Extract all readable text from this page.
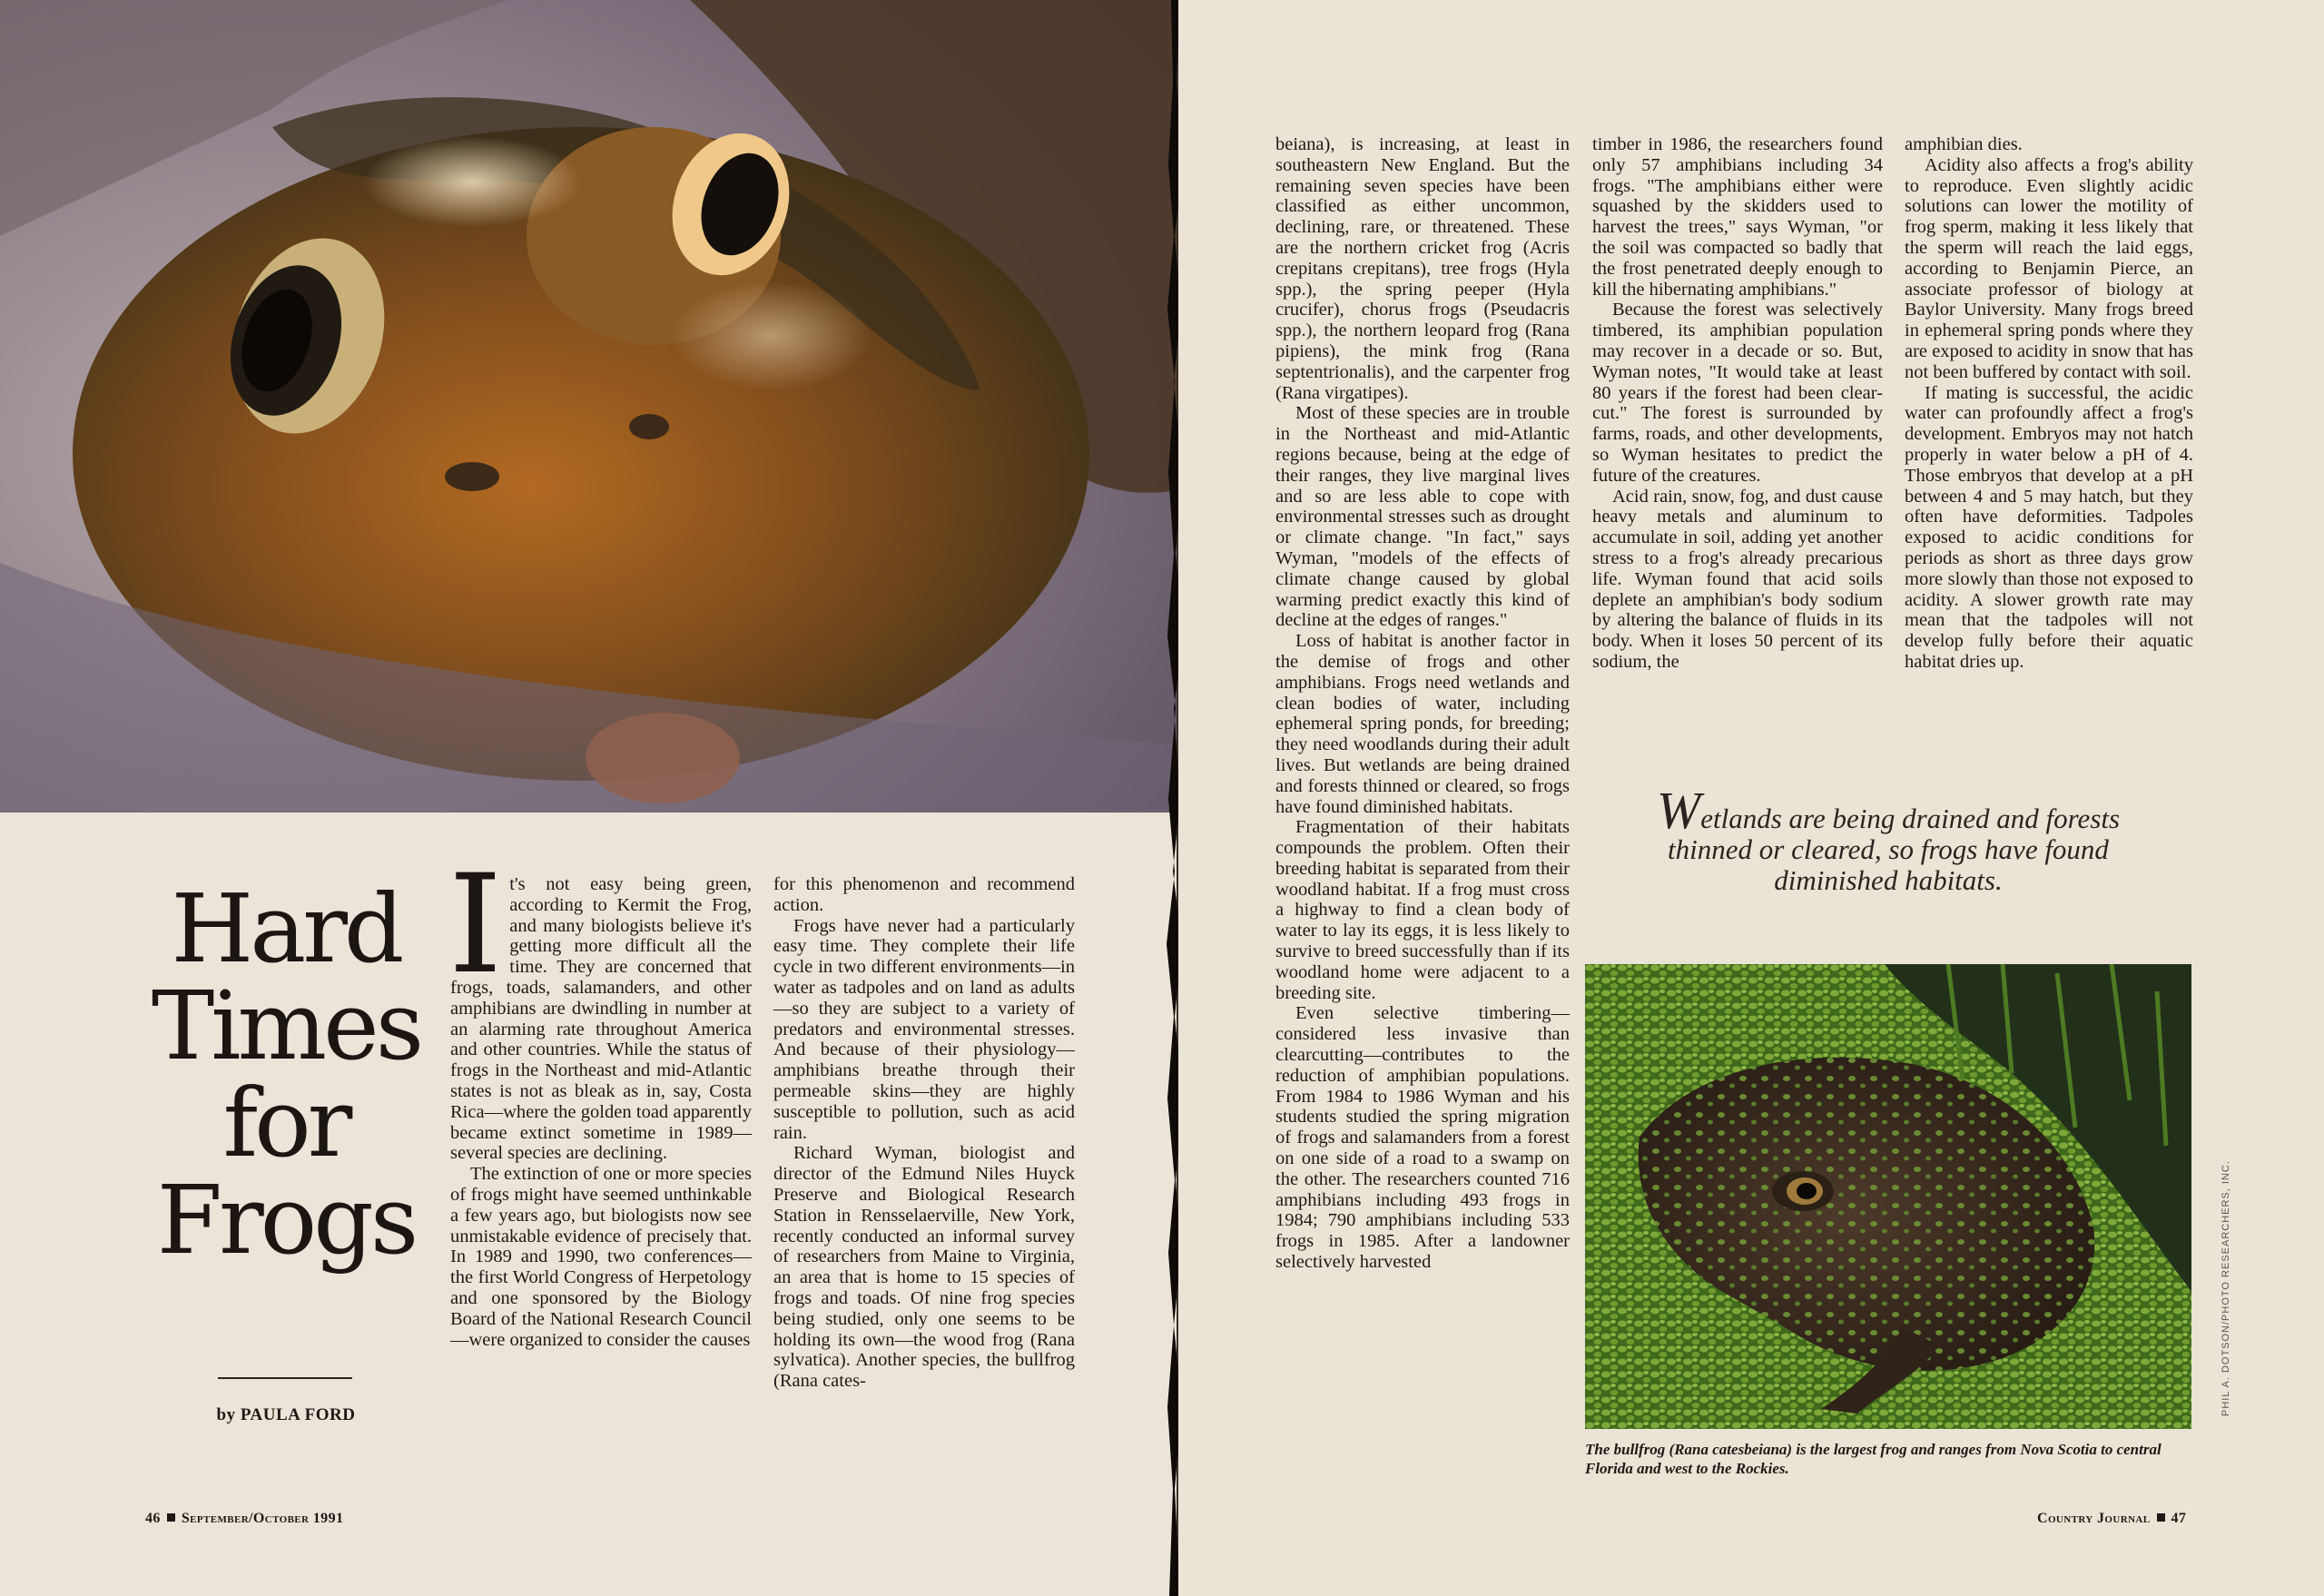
Hard
Times
for
Frogs
by PAULA FORD

It's not easy being green, according to Kermit the Frog, and many biologists believe it's getting more difficult all the time. They are concerned that frogs, toads, salamanders, and other amphibians are dwindling in number at an alarming rate throughout America and other countries. While the status of frogs in the Northeast and mid-Atlantic states is not as bleak as in, say, Costa Rica—where the golden toad apparently became extinct sometime in 1989—several species are declining.

The extinction of one or more species of frogs might have seemed unthinkable a few years ago, but biologists now see unmistakable evidence of precisely that. In 1989 and 1990, two conferences—the first World Congress of Herpetology and one sponsored by the Biology Board of the National Research Council—were organized to consider the causes

for this phenomenon and recommend action.

Frogs have never had a particularly easy time. They complete their life cycle in two different environments—in water as tadpoles and on land as adults—so they are subject to a variety of predators and environmental stresses. And because of their physiology—amphibians breathe through their permeable skins—they are highly susceptible to pollution, such as acid rain.

Richard Wyman, biologist and director of the Edmund Niles Huyck Preserve and Biological Research Station in Rensselaerville, New York, recently conducted an informal survey of researchers from Maine to Virginia, an area that is home to 15 species of frogs and toads. Of nine frog species being studied, only one seems to be holding its own—the wood frog (Rana sylvatica). Another species, the bullfrog (Rana cates-

46 September/October 1991

beiana), is increasing, at least in southeastern New England. But the remaining seven species have been classified as either uncommon, declining, rare, or threatened. These are the northern cricket frog (Acris crepitans crepitans), tree frogs (Hyla spp.), the spring peeper (Hyla crucifer), chorus frogs (Pseudacris spp.), the northern leopard frog (Rana pipiens), the mink frog (Rana septentrionalis), and the carpenter frog (Rana virgatipes).

Most of these species are in trouble in the Northeast and mid-Atlantic regions because, being at the edge of their ranges, they live marginal lives and so are less able to cope with environmental stresses such as drought or climate change. "In fact," says Wyman, "models of the effects of climate change caused by global warming predict exactly this kind of decline at the edges of ranges."

Loss of habitat is another factor in the demise of frogs and other amphibians. Frogs need wetlands and clean bodies of water, including ephemeral spring ponds, for breeding; they need woodlands during their adult lives. But wetlands are being drained and forests thinned or cleared, so frogs have found diminished habitats.

Fragmentation of their habitats compounds the problem. Often their breeding habitat is separated from their woodland habitat. If a frog must cross a highway to find a clean body of water to lay its eggs, it is less likely to survive to breed successfully than if its woodland home were adjacent to a breeding site.

Even selective timbering—considered less invasive than clearcutting—contributes to the reduction of amphibian populations. From 1984 to 1986 Wyman and his students studied the spring migration of frogs and salamanders from a forest on one side of a road to a swamp on the other. The researchers counted 716 amphibians including 493 frogs in 1984; 790 amphibians including 533 frogs in 1985. After a landowner selectively harvested

timber in 1986, the researchers found only 57 amphibians including 34 frogs. "The amphibians either were squashed by the skidders used to harvest the trees," says Wyman, "or the soil was compacted so badly that the frost penetrated deeply enough to kill the hibernating amphibians."

Because the forest was selectively timbered, its amphibian population may recover in a decade or so. But, Wyman notes, "It would take at least 80 years if the forest had been clear-cut." The forest is surrounded by farms, roads, and other developments, so Wyman hesitates to predict the future of the creatures.

Acid rain, snow, fog, and dust cause heavy metals and aluminum to accumulate in soil, adding yet another stress to a frog's already precarious life. Wyman found that acid soils deplete an amphibian's body sodium by altering the balance of fluids in its body. When it loses 50 percent of its sodium, the

amphibian dies.

Acidity also affects a frog's ability to reproduce. Even slightly acidic solutions can lower the motility of frog sperm, making it less likely that the sperm will reach the laid eggs, according to Benjamin Pierce, an associate professor of biology at Baylor University. Many frogs breed in ephemeral spring ponds where they are exposed to acidity in snow that has not been buffered by contact with soil.

If mating is successful, the acidic water can profoundly affect a frog's development. Embryos may not hatch properly in water below a pH of 4. Those embryos that develop at a pH between 4 and 5 may hatch, but they often have deformities. Tadpoles exposed to acidic conditions for periods as short as three days grow more slowly than those not exposed to acidity. A slower growth rate may mean that the tadpoles will not develop fully before their aquatic habitat dries up.

Wetlands are being drained and forests thinned or cleared, so frogs have found diminished habitats.
PHIL A. DOTSON/PHOTO RESEARCHERS, INC.
The bullfrog (Rana catesbeiana) is the largest frog and ranges from Nova Scotia to central Florida and west to the Rockies.
Country Journal 47
